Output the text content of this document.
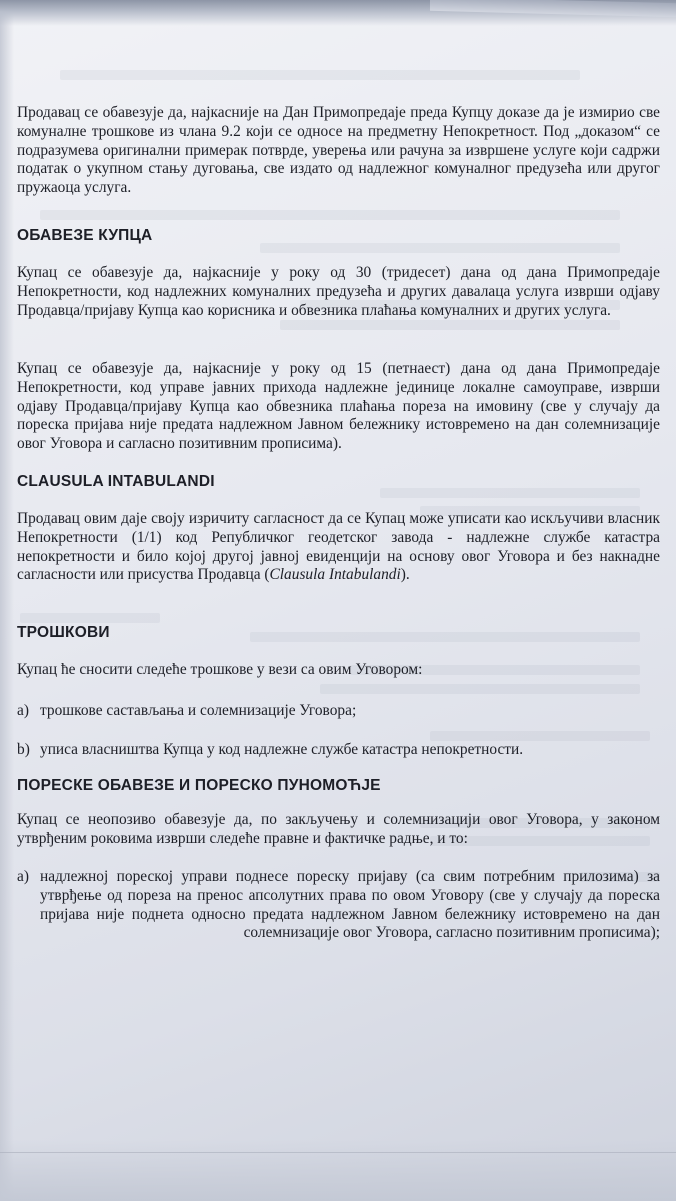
Продавац се обавезује да, најкасније на Дан Примопредаје преда Купцу доказе да је измирио све комуналне трошкове из члана 9.2 који се односе на предметну Непокретност. Под „доказом“ се подразумева оригинални примерак потврде, уверења или рачуна за извршене услуге који садржи податак о укупном стању дуговања, све издато од надлежног комуналног предузећа или другог пружаоца услуга.
ОБАВЕЗЕ КУПЦА
Купац се обавезује да, најкасније у року од 30 (тридесет) дана од дана Примопредаје Непокретности, код надлежних комуналних предузећа и других давалаца услуга изврши одјаву Продавца/пријаву Купца као корисника и обвезника плаћања комуналних и других услуга.
Купац се обавезује да, најкасније у року од 15 (петнаест) дана од дана Примопредаје Непокретности, код управе јавних прихода надлежне јединице локалне самоуправе, изврши одјаву Продавца/пријаву Купца као обвезника плаћања пореза на имовину (све у случају да пореска пријава није предата надлежном Јавном бележнику истовремено на дан солемнизације овог Уговора и сагласно позитивним прописима).
CLAUSULA INTABULANDI
Продавац овим даје своју изричиту сагласност да се Купац може уписати као искључиви власник Непокретности (1/1) код Републичког геодетског завода - надлежне службе катастра непокретности и било којој другој јавној евиденцији на основу овог Уговора и без накнадне сагласности или присуства Продавца (Clausula Intabulandi).
ТРОШКОВИ
Купац ће сносити следеће трошкове у вези са овим Уговором:
a) трошкове састављања и солемнизације Уговора;
b) уписа власништва Купца у код надлежне службе катастра непокретности.
ПОРЕСКЕ ОБАВЕЗЕ И ПОРЕСКО ПУНОМОЋЈЕ
Купац се неопозиво обавезује да, по закључењу и солемнизацији овог Уговора, у законом утврђеним роковима изврши следеће правне и фактичке радње, и то:
a) надлежној пореској управи поднесе пореску пријаву (са свим потребним прилозима) за утврђење од пореза на пренос апсолутних права по овом Уговору (све у случају да пореска пријава није поднета односно предата надлежном Јавном бележнику истовремено на дан солемнизације овог Уговора, сагласно позитивним прописима);
